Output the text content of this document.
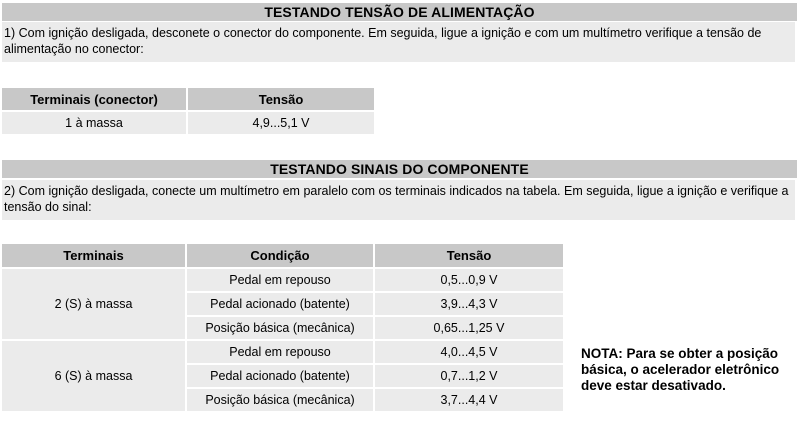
TESTANDO TENSÃO DE ALIMENTAÇÃO
1) Com ignição desligada, desconete o conector do componente. Em seguida, ligue a ignição e com um multímetro verifique a tensão de alimentação no conector:
Terminais (conector)	Tensão
1 à massa	4,9...5,1 V
TESTANDO SINAIS DO COMPONENTE
2) Com ignição desligada, conecte um multímetro em paralelo com os terminais indicados na tabela. Em seguida, ligue a ignição e verifique a tensão do sinal:
Terminais	Condição	Tensão
2 (S) à massa	Pedal em repouso	0,5...0,9 V
	Pedal acionado (batente)	3,9...4,3 V
	Posição básica (mecânica)	0,65...1,25 V
6 (S) à massa	Pedal em repouso	4,0...4,5 V
	Pedal acionado (batente)	0,7...1,2 V
	Posição básica (mecânica)	3,7...4,4 V
NOTA: Para se obter a posição básica, o acelerador eletrônico deve estar desativado.
